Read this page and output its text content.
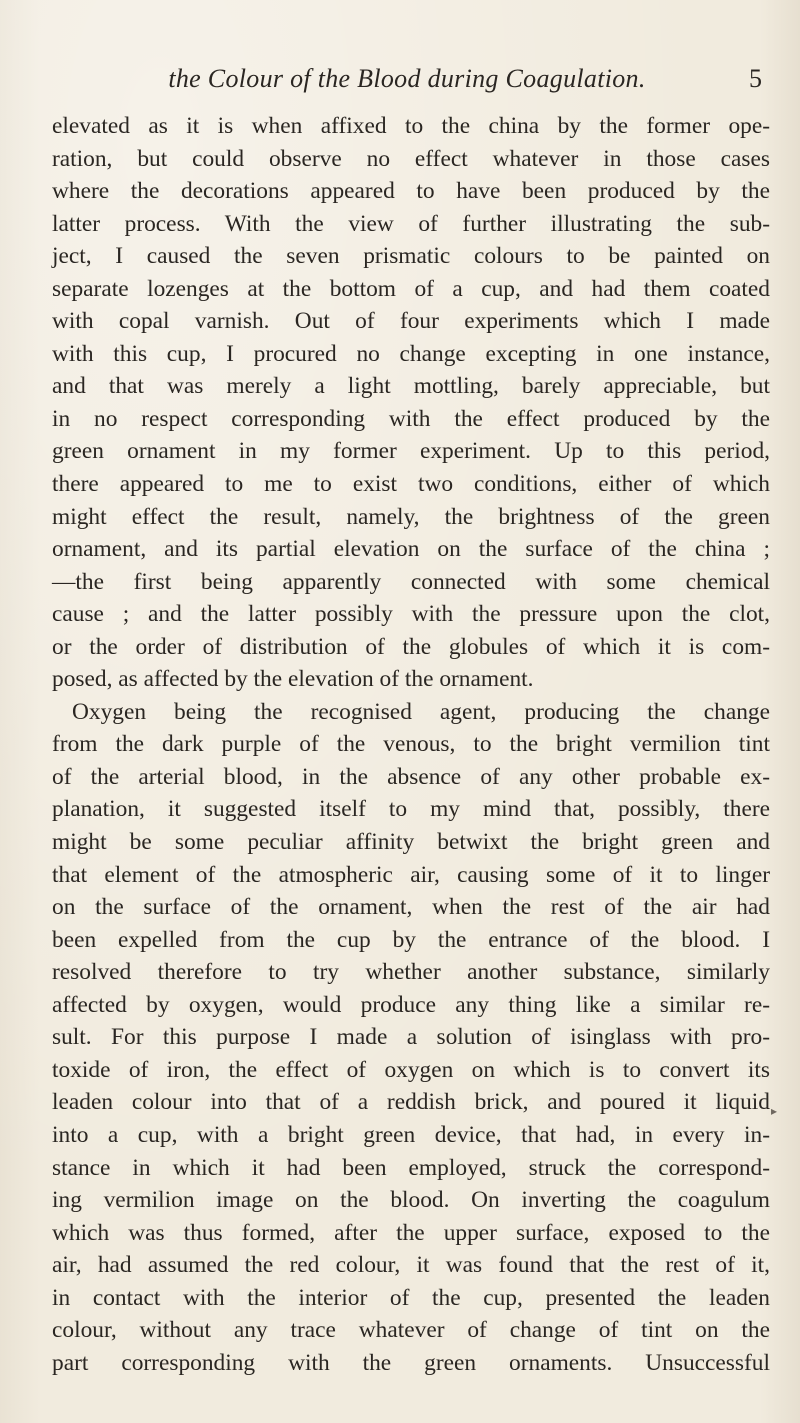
the Colour of the Blood during Coagulation.	5
elevated as it is when affixed to the china by the former ope-
ration, but could observe no effect whatever in those cases
where the decorations appeared to have been produced by the
latter process. With the view of further illustrating the sub-
ject, I caused the seven prismatic colours to be painted on
separate lozenges at the bottom of a cup, and had them coated
with copal varnish. Out of four experiments which I made
with this cup, I procured no change excepting in one instance,
and that was merely a light mottling, barely appreciable, but
in no respect corresponding with the effect produced by the
green ornament in my former experiment. Up to this period,
there appeared to me to exist two conditions, either of which
might effect the result, namely, the brightness of the green
ornament, and its partial elevation on the surface of the china ;
—the first being apparently connected with some chemical
cause ; and the latter possibly with the pressure upon the clot,
or the order of distribution of the globules of which it is com-
posed, as affected by the elevation of the ornament.
Oxygen being the recognised agent, producing the change
from the dark purple of the venous, to the bright vermilion tint
of the arterial blood, in the absence of any other probable ex-
planation, it suggested itself to my mind that, possibly, there
might be some peculiar affinity betwixt the bright green and
that element of the atmospheric air, causing some of it to linger
on the surface of the ornament, when the rest of the air had
been expelled from the cup by the entrance of the blood. I
resolved therefore to try whether another substance, similarly
affected by oxygen, would produce any thing like a similar re-
sult. For this purpose I made a solution of isinglass with pro-
toxide of iron, the effect of oxygen on which is to convert its
leaden colour into that of a reddish brick, and poured it liquid
into a cup, with a bright green device, that had, in every in-
stance in which it had been employed, struck the correspond-
ing vermilion image on the blood. On inverting the coagulum
which was thus formed, after the upper surface, exposed to the
air, had assumed the red colour, it was found that the rest of it,
in contact with the interior of the cup, presented the leaden
colour, without any trace whatever of change of tint on the
part corresponding with the green ornaments. Unsuccessful
▸
